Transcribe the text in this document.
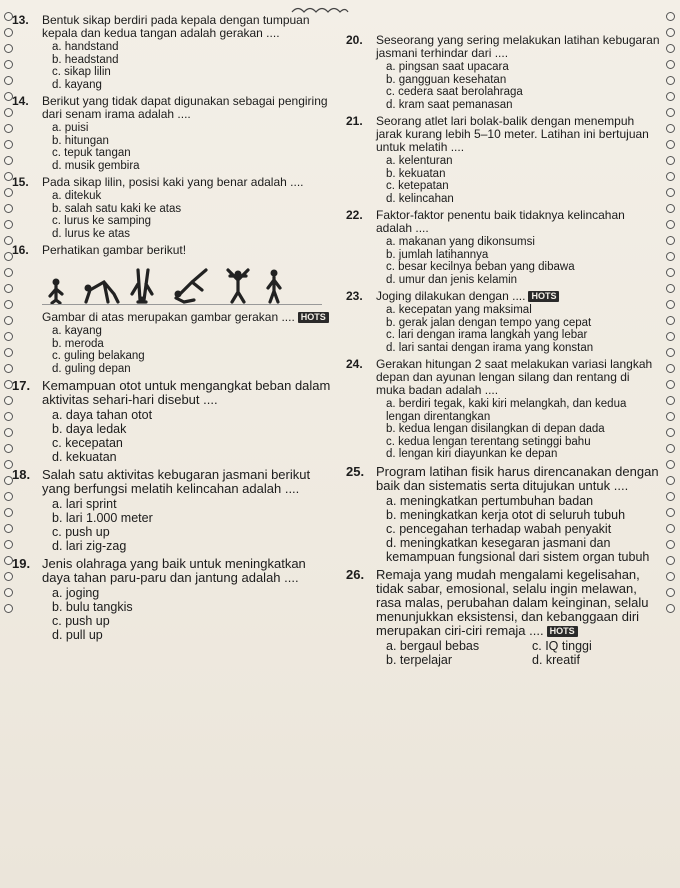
13. Bentuk sikap berdiri pada kepala dengan tumpuan kepala dan kedua tangan adalah gerakan ....
a. handstand
b. headstand
c. sikap lilin
d. kayang
14. Berikut yang tidak dapat digunakan sebagai pengiring dari senam irama adalah ....
a. puisi
b. hitungan
c. tepuk tangan
d. musik gembira
15. Pada sikap lilin, posisi kaki yang benar adalah ....
a. ditekuk
b. salah satu kaki ke atas
c. lurus ke samping
d. lurus ke atas
16. Perhatikan gambar berikut!
Gambar di atas merupakan gambar gerakan .... HOTS
a. kayang
b. meroda
c. guling belakang
d. guling depan
17. Kemampuan otot untuk mengangkat beban dalam aktivitas sehari-hari disebut ....
a. daya tahan otot
b. daya ledak
c. kecepatan
d. kekuatan
18. Salah satu aktivitas kebugaran jasmani berikut yang berfungsi melatih kelincahan adalah ....
a. lari sprint
b. lari 1.000 meter
c. push up
d. lari zig-zag
19. Jenis olahraga yang baik untuk meningkatkan daya tahan paru-paru dan jantung adalah ....
a. joging
b. bulu tangkis
c. push up
d. pull up
20. Seseorang yang sering melakukan latihan kebugaran jasmani terhindar dari ....
a. pingsan saat upacara
b. gangguan kesehatan
c. cedera saat berolahraga
d. kram saat pemanasan
21. Seorang atlet lari bolak-balik dengan menempuh jarak kurang lebih 5–10 meter. Latihan ini bertujuan untuk melatih ....
a. kelenturan
b. kekuatan
c. ketepatan
d. kelincahan
22. Faktor-faktor penentu baik tidaknya kelincahan adalah ....
a. makanan yang dikonsumsi
b. jumlah latihannya
c. besar kecilnya beban yang dibawa
d. umur dan jenis kelamin
23. Joging dilakukan dengan .... HOTS
a. kecepatan yang maksimal
b. gerak jalan dengan tempo yang cepat
c. lari dengan irama langkah yang lebar
d. lari santai dengan irama yang konstan
24. Gerakan hitungan 2 saat melakukan variasi langkah depan dan ayunan lengan silang dan rentang di muka badan adalah ....
a. berdiri tegak, kaki kiri melangkah, dan kedua lengan direntangkan
b. kedua lengan disilangkan di depan dada
c. kedua lengan terentang setinggi bahu
d. lengan kiri diayunkan ke depan
25. Program latihan fisik harus direncanakan dengan baik dan sistematis serta ditujukan untuk ....
a. meningkatkan pertumbuhan badan
b. meningkatkan kerja otot di seluruh tubuh
c. pencegahan terhadap wabah penyakit
d. meningkatkan kesegaran jasmani dan kemampuan fungsional dari sistem organ tubuh
26. Remaja yang mudah mengalami kegelisahan, tidak sabar, emosional, selalu ingin melawan, rasa malas, perubahan dalam keinginan, selalu menunjukkan eksistensi, dan kebanggaan diri merupakan ciri-ciri remaja .... HOTS
a. bergaul bebas	c. IQ tinggi
b. terpelajar	d. kreatif
